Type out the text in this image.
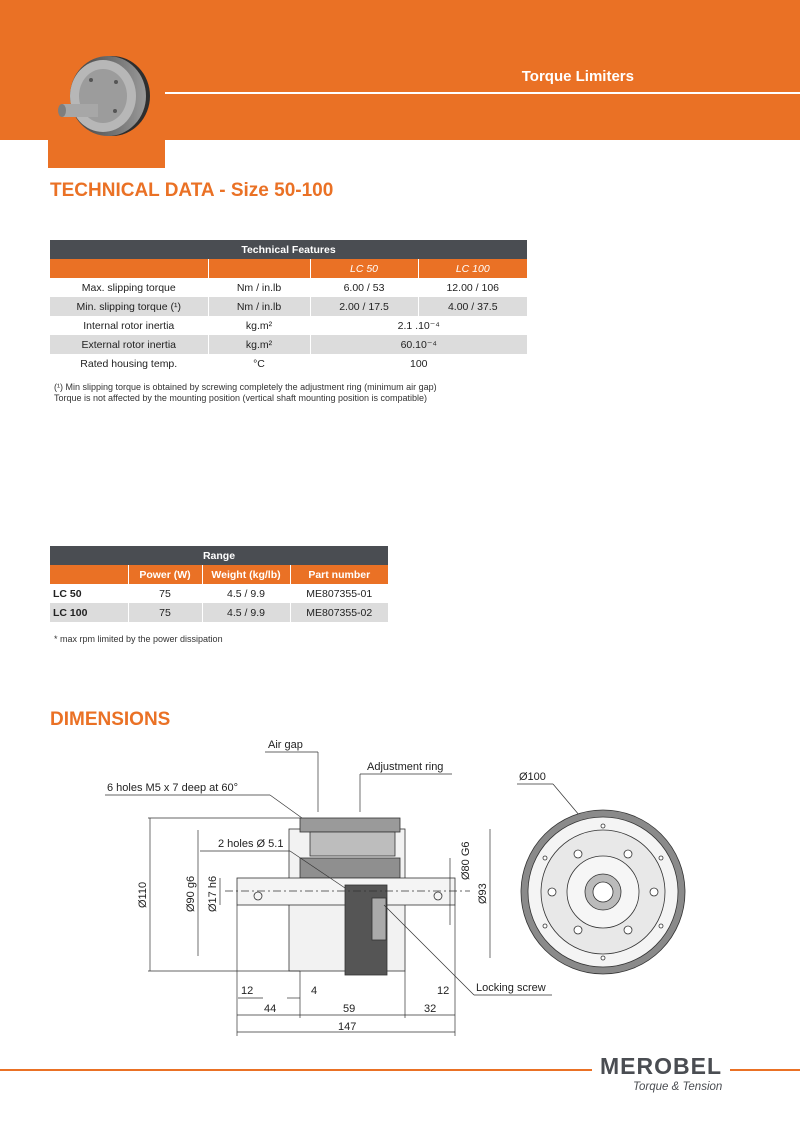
Torque Limiters
TECHNICAL DATA - Size 50-100
Technical Features			
		LC 50	LC 100
Max. slipping torque	Nm / in.lb	6.00 / 53	12.00 / 106
Min. slipping torque (¹)	Nm / in.lb	2.00 / 17.5	4.00 / 37.5
Internal rotor inertia	kg.m²	2.1 .10⁻⁴	
External rotor inertia	kg.m²	60.10⁻⁴	
Rated housing temp.	°C	100	
(¹) Min slipping torque is obtained by screwing completely the adjustment ring (minimum air gap)
Torque is not affected by the mounting position (vertical shaft mounting position is compatible)
Range			
	Power (W)	Weight (kg/lb)	Part number
LC 50	75	4.5 / 9.9	ME807355-01
LC 100	75	4.5 / 9.9	ME807355-02
* max rpm limited by the power dissipation
DIMENSIONS
Air gap
Adjustment ring
6 holes M5 x 7 deep at 60°
2 holes Ø 5.1
Locking screw
Ø100
Ø110	Ø90 g6 Ø17 h6
Ø80 G6
Ø93
12	4	12
44	59	32
147
MEROBEL
Torque & Tension
